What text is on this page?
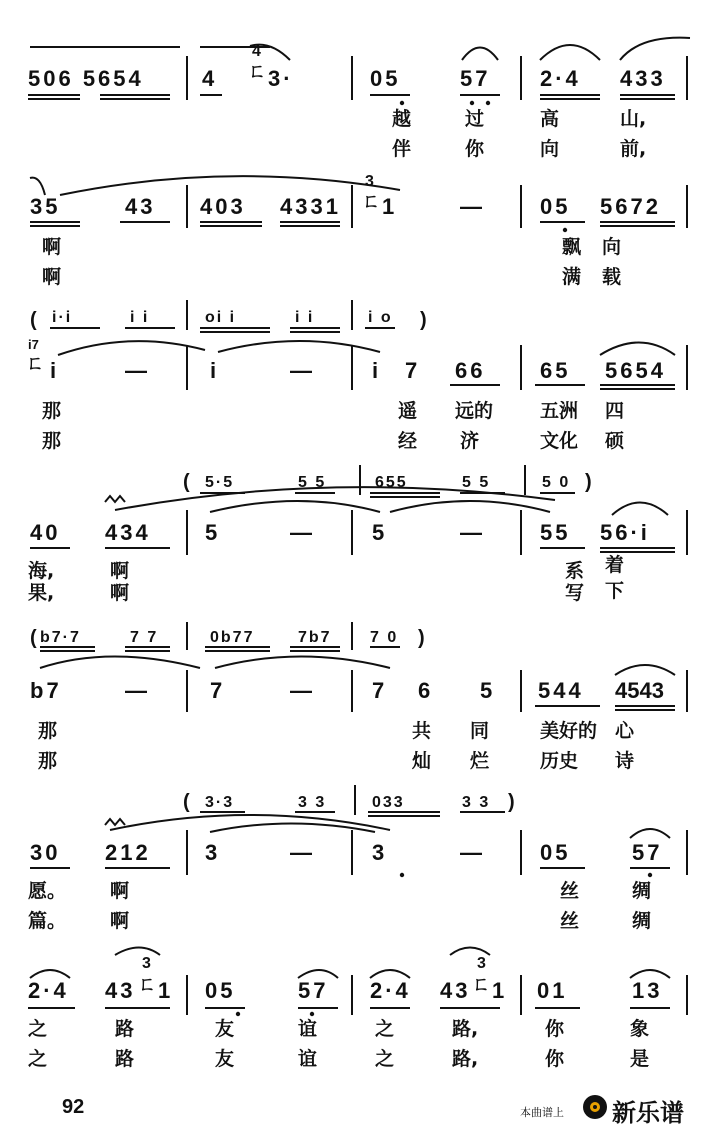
506 5654	4
4
ㄈ 3·	05	57 2·4 433
越	过	高	山,
伴	你	向	前,
35	43 403 4331
3
ㄈ 1	—	05 5672
啊	飘 向
啊	满 载
( i·i	i i	oi i	i i	i o )
i7
ㄈ i	—	i	—	i 7 66 65 5654
那	遥 远的 五洲 四
那	经 济	文化 硕
( 5·5	5 5	655	5 5	5 0 )
40 434 5	—	5	—	55 56·i
海,	啊	系 着
果,	啊	写 下
( b7·7	7 7	0b77	7b7 7 0 )
b7	—	7	—	7 6 5 544 4543
那	共 同	美好的 心
那	灿 烂	历史 诗
( 3·3	3 3	033	3 3 )
30 212 3	—	3	—	05	57
愿。 啊	丝	绸
篇。 啊	丝	绸
2·4 43
3
ㄈ 1 05	57 2·4 43
3
ㄈ 1 01	13
之	路	友	谊	之	路,	你	象
之	路	友	谊	之	路,	你	是
92	本曲谱上 新乐谱
